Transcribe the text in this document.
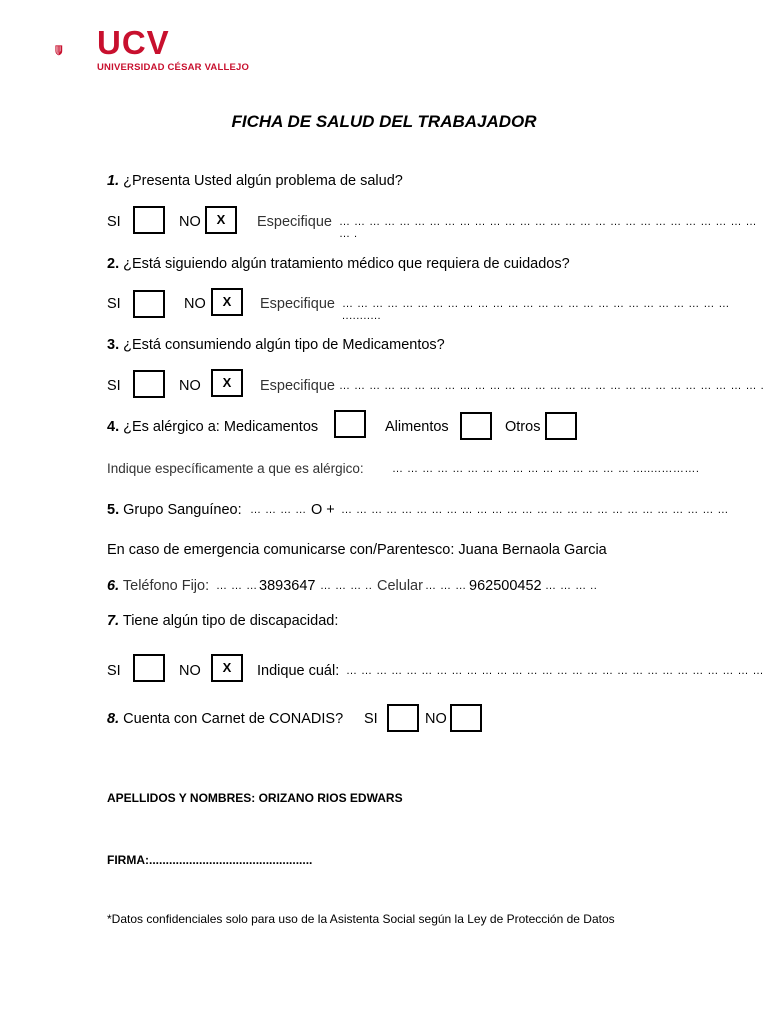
UCV
UNIVERSIDAD CÉSAR VALLEJO
FICHA DE SALUD DEL TRABAJADOR
1. ¿Presenta Usted algún problema de salud?
SI	NO	X	Especifique … … … … … … … … … … … … … … … … … … … … … … … … … … … … … .
2. ¿Está siguiendo algún tratamiento médico que requiera de cuidados?
SI	NO	X	Especifique … … … … … … … … … … … … … … … … … … … … … … … … … … ...........
3. ¿Está consumiendo algún tipo de Medicamentos?
SI	NO	X	Especifique … … … … … … … … … … … … … … … … … … … … … … … … … … … … .
4. ¿Es alérgico a: Medicamentos	Alimentos	Otros
Indique específicamente a que es alérgico:	… … … … … … … … … … … … … … … … ........……….
5. Grupo Sanguíneo: … … … … O + … … … … … … … … … … … … … … … … … … … … … … … … … …
En caso de emergencia comunicarse con/Parentesco: Juana Bernaola Garcia
6. Teléfono Fijo: … … … 3893647 … … … .. Celular … … … 962500452 … … … ..
7. Tiene algún tipo de discapacidad:
SI	NO	X	Indique cuál: … … … … … … … … … … … … … … … … … … … … … … … … … … … …
8. Cuenta con Carnet de CONADIS? SI	NO
APELLIDOS Y NOMBRES: ORIZANO RIOS EDWARS
FIRMA:.................................................
*Datos confidenciales solo para uso de la Asistenta Social según la Ley de Protección de Datos
